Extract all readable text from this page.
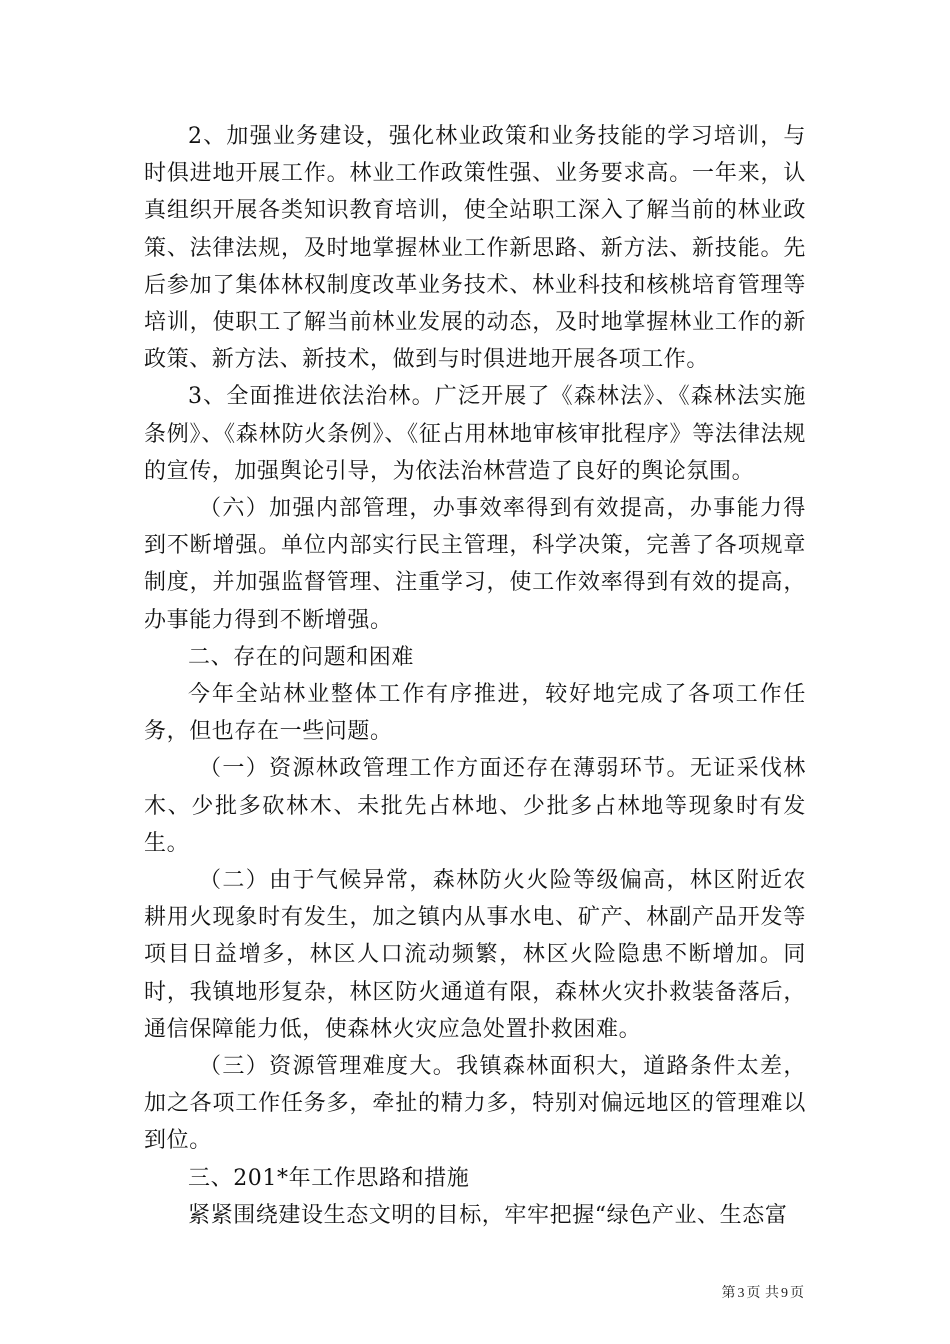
2、加强业务建设，强化林业政策和业务技能的学习培训，与时俱进地开展工作。林业工作政策性强、业务要求高。一年来，认真组织开展各类知识教育培训，使全站职工深入了解当前的林业政策、法律法规，及时地掌握林业工作新思路、新方法、新技能。先后参加了集体林权制度改革业务技术、林业科技和核桃培育管理等培训，使职工了解当前林业发展的动态，及时地掌握林业工作的新政策、新方法、新技术，做到与时俱进地开展各项工作。

3、全面推进依法治林。广泛开展了《森林法》、《森林法实施条例》、《森林防火条例》、《征占用林地审核审批程序》等法律法规的宣传，加强舆论引导，为依法治林营造了良好的舆论氛围。

（六）加强内部管理，办事效率得到有效提高，办事能力得到不断增强。单位内部实行民主管理，科学决策，完善了各项规章制度，并加强监督管理、注重学习，使工作效率得到有效的提高，办事能力得到不断增强。

二、存在的问题和困难

今年全站林业整体工作有序推进，较好地完成了各项工作任务，但也存在一些问题。

（一）资源林政管理工作方面还存在薄弱环节。无证采伐林木、少批多砍林木、未批先占林地、少批多占林地等现象时有发生。

（二）由于气候异常，森林防火火险等级偏高，林区附近农耕用火现象时有发生，加之镇内从事水电、矿产、林副产品开发等项目日益增多，林区人口流动频繁，林区火险隐患不断增加。同时，我镇地形复杂，林区防火通道有限，森林火灾扑救装备落后，通信保障能力低，使森林火灾应急处置扑救困难。

（三）资源管理难度大。我镇森林面积大，道路条件太差，加之各项工作任务多，牵扯的精力多，特别对偏远地区的管理难以到位。

三、201*年工作思路和措施

紧紧围绕建设生态文明的目标，牢牢把握“绿色产业、生态富

第 3 页 共 9 页
